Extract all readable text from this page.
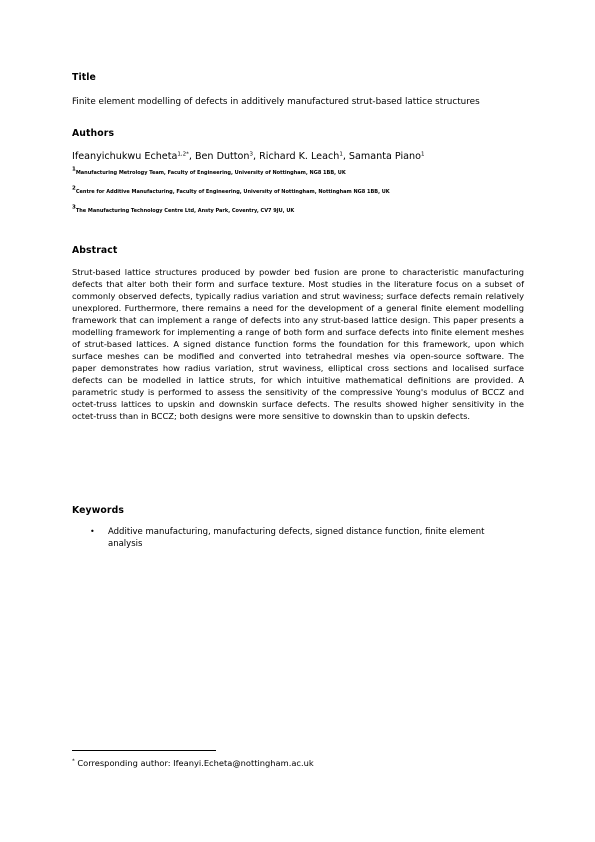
Title
Finite element modelling of defects in additively manufactured strut-based lattice structures
Authors
Ifeanyichukwu Echeta$^{1,2*}$, Ben Dutton$^3$, Richard K. Leach$^1$, Samanta Piano$^1$
$^1$Manufacturing Metrology Team, Faculty of Engineering, University of Nottingham, NG8 1BB, UK
$^2$Centre for Additive Manufacturing, Faculty of Engineering, University of Nottingham, Nottingham NG8 1BB, UK
$^3$The Manufacturing Technology Centre Ltd, Ansty Park, Coventry, CV7 9JU, UK
Abstract
Strut-based lattice structures produced by powder bed fusion are prone to characteristic manufacturing defects that alter both their form and surface texture. Most studies in the literature focus on a subset of commonly observed defects, typically radius variation and strut waviness; surface defects remain relatively unexplored. Furthermore, there remains a need for the development of a general finite element modelling framework that can implement a range of defects into any strut-based lattice design. This paper presents a modelling framework for implementing a range of both form and surface defects into finite element meshes of strut-based lattices. A signed distance function forms the foundation for this framework, upon which surface meshes can be modified and converted into tetrahedral meshes via open-source software. The paper demonstrates how radius variation, strut waviness, elliptical cross sections and localised surface defects can be modelled in lattice struts, for which intuitive mathematical definitions are provided. A parametric study is performed to assess the sensitivity of the compressive Young's modulus of BCCZ and octet-truss lattices to upskin and downskin surface defects. The results showed higher sensitivity in the octet-truss than in BCCZ; both designs were more sensitive to downskin than to upskin defects.
Keywords
• Additive manufacturing, manufacturing defects, signed distance function, finite element analysis
* Corresponding author: Ifeanyi.Echeta@nottingham.ac.uk
